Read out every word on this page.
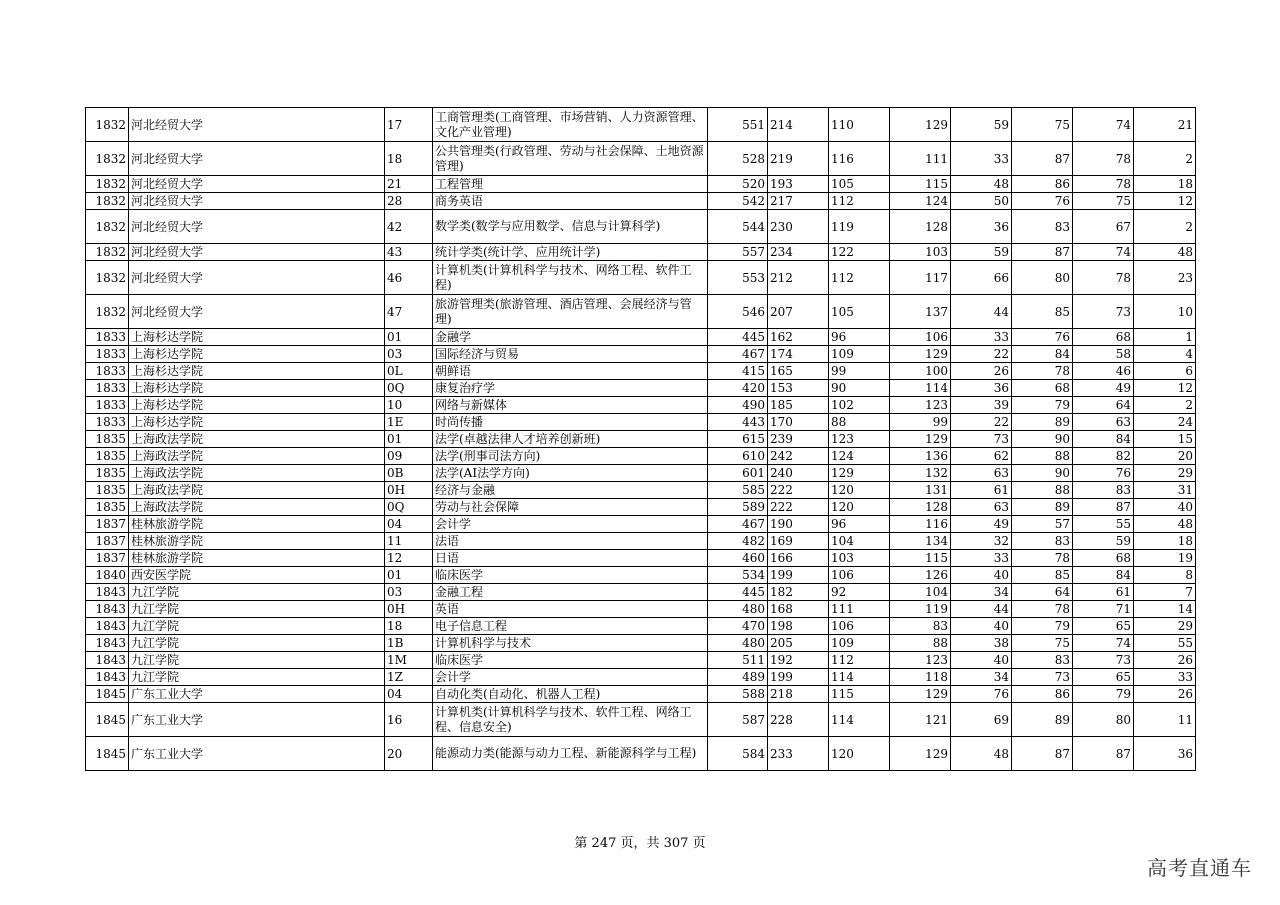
1832	河北经贸大学	17	工商管理类(工商管理、市场营销、人力资源管理、文化产业管理)	551	214	110	129	59	75	74	21
1832	河北经贸大学	18	公共管理类(行政管理、劳动与社会保障、土地资源管理)	528	219	116	111	33	87	78	2
1832	河北经贸大学	21	工程管理	520	193	105	115	48	86	78	18
1832	河北经贸大学	28	商务英语	542	217	112	124	50	76	75	12
1832	河北经贸大学	42	数学类(数学与应用数学、信息与计算科学)	544	230	119	128	36	83	67	2
1832	河北经贸大学	43	统计学类(统计学、应用统计学)	557	234	122	103	59	87	74	48
1832	河北经贸大学	46	计算机类(计算机科学与技术、网络工程、软件工程)	553	212	112	117	66	80	78	23
1832	河北经贸大学	47	旅游管理类(旅游管理、酒店管理、会展经济与管理)	546	207	105	137	44	85	73	10
1833	上海杉达学院	01	金融学	445	162	96	106	33	76	68	1
1833	上海杉达学院	03	国际经济与贸易	467	174	109	129	22	84	58	4
1833	上海杉达学院	0L	朝鲜语	415	165	99	100	26	78	46	6
1833	上海杉达学院	0Q	康复治疗学	420	153	90	114	36	68	49	12
1833	上海杉达学院	10	网络与新媒体	490	185	102	123	39	79	64	2
1833	上海杉达学院	1E	时尚传播	443	170	88	99	22	89	63	24
1835	上海政法学院	01	法学(卓越法律人才培养创新班)	615	239	123	129	73	90	84	15
1835	上海政法学院	09	法学(刑事司法方向)	610	242	124	136	62	88	82	20
1835	上海政法学院	0B	法学(AI法学方向)	601	240	129	132	63	90	76	29
1835	上海政法学院	0H	经济与金融	585	222	120	131	61	88	83	31
1835	上海政法学院	0Q	劳动与社会保障	589	222	120	128	63	89	87	40
1837	桂林旅游学院	04	会计学	467	190	96	116	49	57	55	48
1837	桂林旅游学院	11	法语	482	169	104	134	32	83	59	18
1837	桂林旅游学院	12	日语	460	166	103	115	33	78	68	19
1840	西安医学院	01	临床医学	534	199	106	126	40	85	84	8
1843	九江学院	03	金融工程	445	182	92	104	34	64	61	7
1843	九江学院	0H	英语	480	168	111	119	44	78	71	14
1843	九江学院	18	电子信息工程	470	198	106	83	40	79	65	29
1843	九江学院	1B	计算机科学与技术	480	205	109	88	38	75	74	55
1843	九江学院	1M	临床医学	511	192	112	123	40	83	73	26
1843	九江学院	1Z	会计学	489	199	114	118	34	73	65	33
1845	广东工业大学	04	自动化类(自动化、机器人工程)	588	218	115	129	76	86	79	26
1845	广东工业大学	16	计算机类(计算机科学与技术、软件工程、网络工程、信息安全)	587	228	114	121	69	89	80	11
1845	广东工业大学	20	能源动力类(能源与动力工程、新能源科学与工程)	584	233	120	129	48	87	87	36
第 247 页，共 307 页
高考直通车
